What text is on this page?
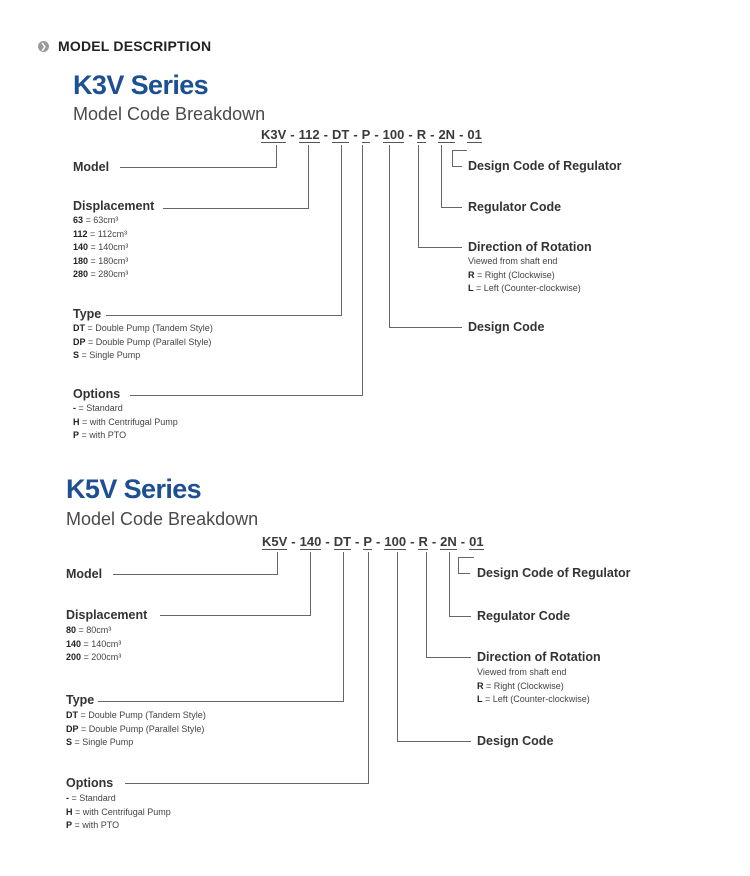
❯ MODEL DESCRIPTION
K3V Series
Model Code Breakdown
K3V - 112 - DT - P - 100 - R - 2N - 01
Model
Displacement
63 = 63cm³
112 = 112cm³
140 = 140cm³
180 = 180cm³
280 = 280cm³
Type
DT = Double Pump (Tandem Style)
DP = Double Pump (Parallel Style)
S = Single Pump
Options
- = Standard
H = with Centrifugal Pump
P = with PTO
Design Code of Regulator
Regulator Code
Direction of Rotation
Viewed from shaft end
R = Right (Clockwise)
L = Left (Counter-clockwise)
Design Code
K5V Series
Model Code Breakdown
K5V - 140 - DT - P - 100 - R - 2N - 01
Model
Displacement
80 = 80cm³
140 = 140cm³
200 = 200cm³
Type
DT = Double Pump (Tandem Style)
DP = Double Pump (Parallel Style)
S = Single Pump
Options
- = Standard
H = with Centrifugal Pump
P = with PTO
Design Code of Regulator
Regulator Code
Direction of Rotation
Viewed from shaft end
R = Right (Clockwise)
L = Left (Counter-clockwise)
Design Code
